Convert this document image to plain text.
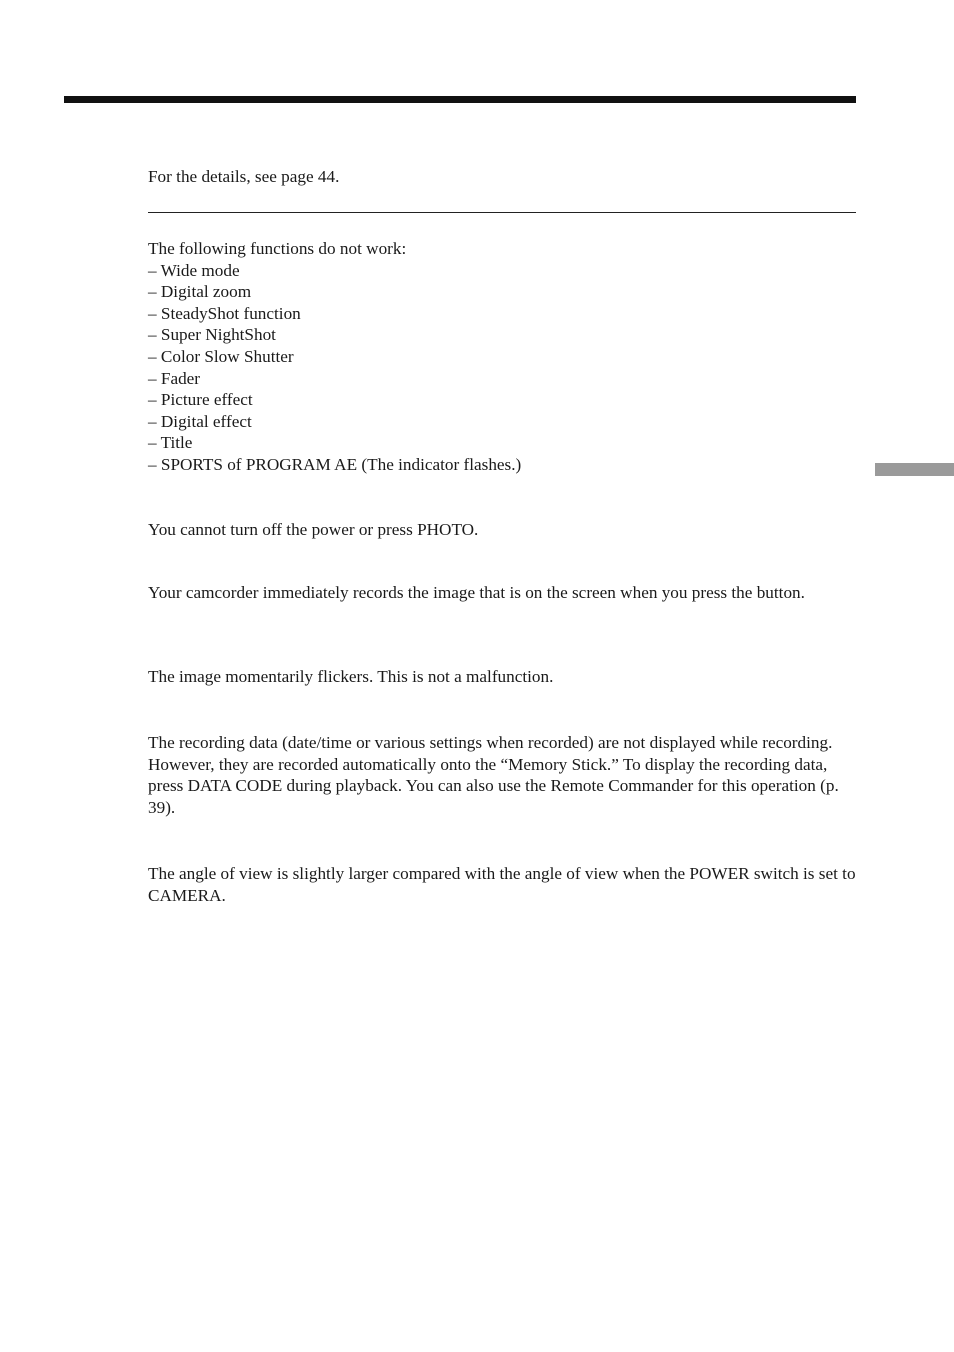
For the details, see page 44.

The following functions do not work:

– Wide mode
– Digital zoom
– SteadyShot function
– Super NightShot
– Color Slow Shutter
– Fader
– Picture effect
– Digital effect
– Title
– SPORTS of PROGRAM AE (The indicator flashes.)

You cannot turn off the power or press PHOTO.

Your camcorder immediately records the image that is on the screen when you press the button.

The image momentarily flickers. This is not a malfunction.

The recording data (date/time or various settings when recorded) are not displayed while recording. However, they are recorded automatically onto the “Memory Stick.” To display the recording data, press DATA CODE during playback. You can also use the Remote Commander for this operation (p. 39).

The angle of view is slightly larger compared with the angle of view when the POWER switch is set to CAMERA.
